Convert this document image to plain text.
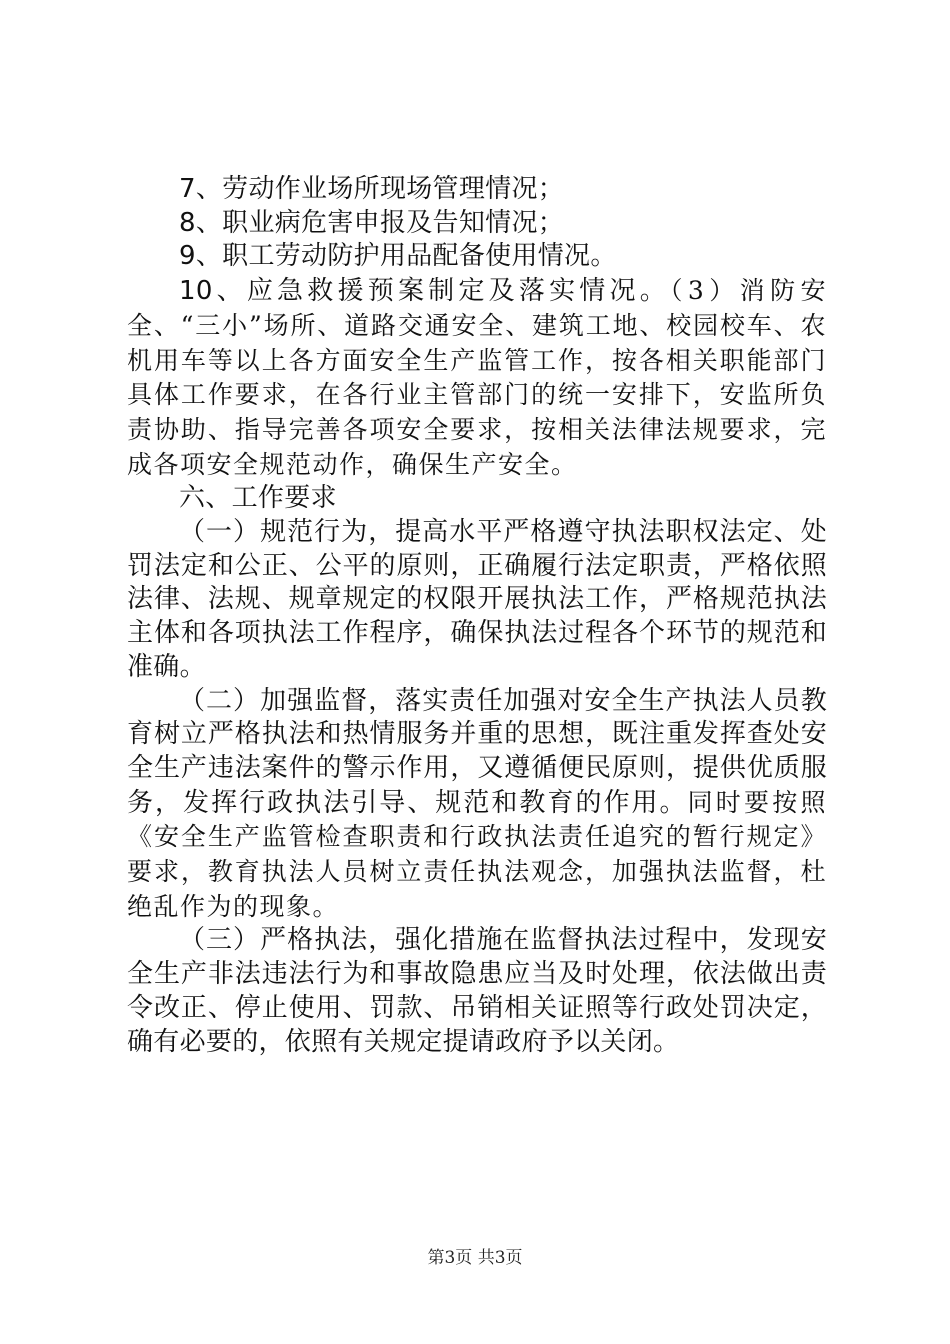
7、劳动作业场所现场管理情况；

8、职业病危害申报及告知情况；

9、职工劳动防护用品配备使用情况。

10、应急救援预案制定及落实情况。（3）消防安全、“三小”场所、道路交通安全、建筑工地、校园校车、农机用车等以上各方面安全生产监管工作，按各相关职能部门具体工作要求，在各行业主管部门的统一安排下，安监所负责协助、指导完善各项安全要求，按相关法律法规要求，完成各项安全规范动作，确保生产安全。

六、工作要求

（一）规范行为，提高水平严格遵守执法职权法定、处罚法定和公正、公平的原则，正确履行法定职责，严格依照法律、法规、规章规定的权限开展执法工作，严格规范执法主体和各项执法工作程序，确保执法过程各个环节的规范和准确。

（二）加强监督，落实责任加强对安全生产执法人员教育树立严格执法和热情服务并重的思想，既注重发挥查处安全生产违法案件的警示作用，又遵循便民原则，提供优质服务，发挥行政执法引导、规范和教育的作用。同时要按照《安全生产监管检查职责和行政执法责任追究的暂行规定》要求，教育执法人员树立责任执法观念，加强执法监督，杜绝乱作为的现象。

（三）严格执法，强化措施在监督执法过程中，发现安全生产非法违法行为和事故隐患应当及时处理，依法做出责令改正、停止使用、罚款、吊销相关证照等行政处罚决定，确有必要的，依照有关规定提请政府予以关闭。

第3页 共3页
